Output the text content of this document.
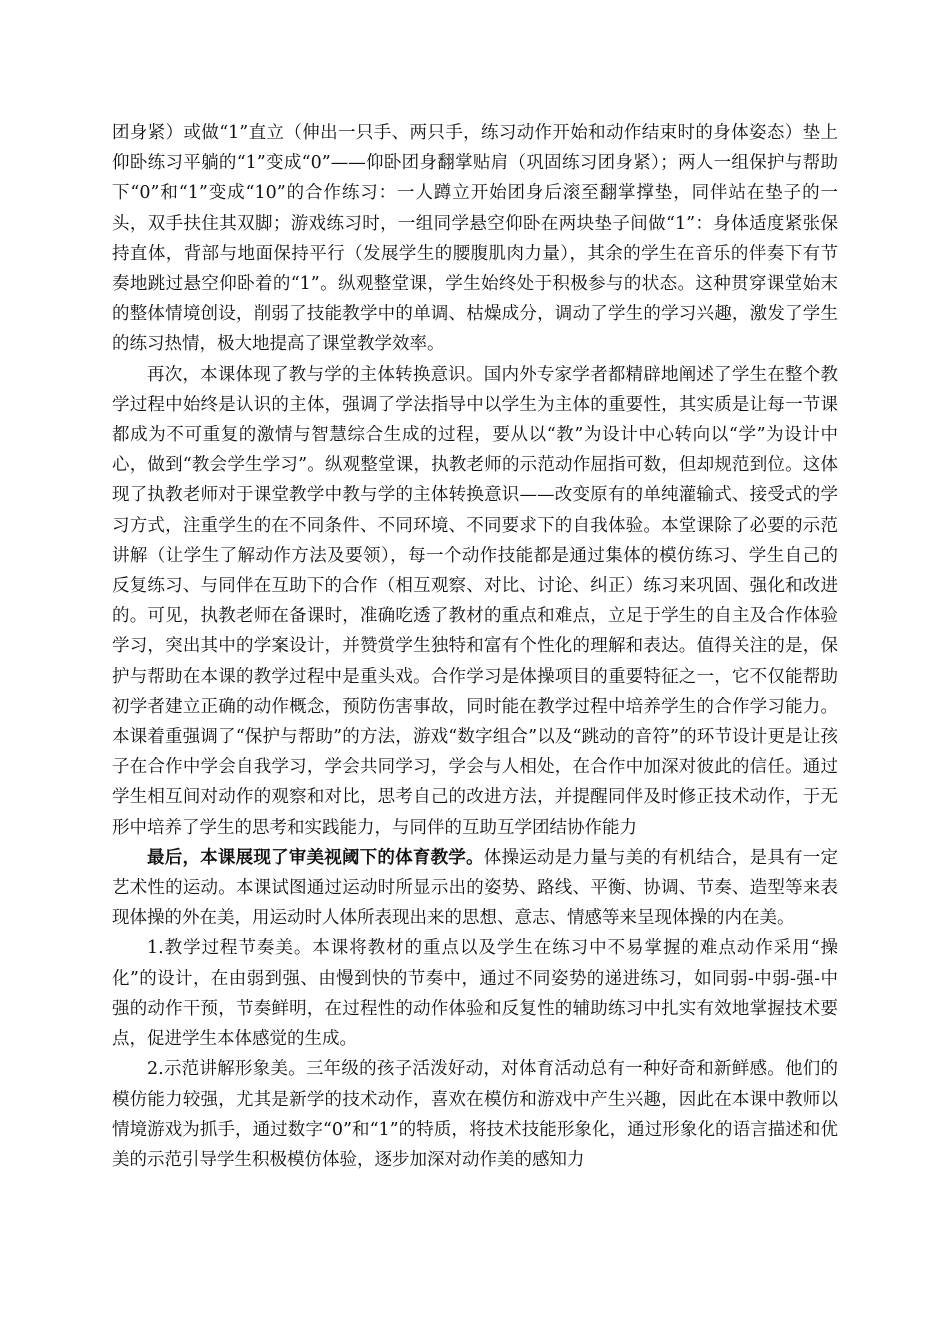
团身紧）或做“1”直立（伸出一只手、两只手，练习动作开始和动作结束时的身体姿态）垫上仰卧练习平躺的“1”变成“0”——仰卧团身翻掌贴肩（巩固练习团身紧）；两人一组保护与帮助下“0”和“1”变成“10”的合作练习：一人蹲立开始团身后滚至翻掌撑垫，同伴站在垫子的一头，双手扶住其双脚；游戏练习时，一组同学悬空仰卧在两块垫子间做“1”：身体适度紧张保持直体，背部与地面保持平行（发展学生的腰腹肌肉力量），其余的学生在音乐的伴奏下有节奏地跳过悬空仰卧着的“1”。纵观整堂课，学生始终处于积极参与的状态。这种贯穿课堂始末的整体情境创设，削弱了技能教学中的单调、枯燥成分，调动了学生的学习兴趣，激发了学生的练习热情，极大地提高了课堂教学效率。

再次，本课体现了教与学的主体转换意识。国内外专家学者都精辟地阐述了学生在整个教学过程中始终是认识的主体，强调了学法指导中以学生为主体的重要性，其实质是让每一节课都成为不可重复的激情与智慧综合生成的过程，要从以“教”为设计中心转向以“学”为设计中心，做到“教会学生学习”。纵观整堂课，执教老师的示范动作屈指可数，但却规范到位。这体现了执教老师对于课堂教学中教与学的主体转换意识——改变原有的单纯灌输式、接受式的学习方式，注重学生的在不同条件、不同环境、不同要求下的自我体验。本堂课除了必要的示范讲解（让学生了解动作方法及要领），每一个动作技能都是通过集体的模仿练习、学生自己的反复练习、与同伴在互助下的合作（相互观察、对比、讨论、纠正）练习来巩固、强化和改进的。可见，执教老师在备课时，准确吃透了教材的重点和难点，立足于学生的自主及合作体验学习，突出其中的学案设计，并赞赏学生独特和富有个性化的理解和表达。值得关注的是，保护与帮助在本课的教学过程中是重头戏。合作学习是体操项目的重要特征之一，它不仅能帮助初学者建立正确的动作概念，预防伤害事故，同时能在教学过程中培养学生的合作学习能力。本课着重强调了“保护与帮助”的方法，游戏“数字组合”以及“跳动的音符”的环节设计更是让孩子在合作中学会自我学习，学会共同学习，学会与人相处，在合作中加深对彼此的信任。通过学生相互间对动作的观察和对比，思考自己的改进方法，并提醒同伴及时修正技术动作，于无形中培养了学生的思考和实践能力，与同伴的互助互学团结协作能力

最后，本课展现了审美视阈下的体育教学。体操运动是力量与美的有机结合，是具有一定艺术性的运动。本课试图通过运动时所显示出的姿势、路线、平衡、协调、节奏、造型等来表现体操的外在美，用运动时人体所表现出来的思想、意志、情感等来呈现体操的内在美。

1.教学过程节奏美。本课将教材的重点以及学生在练习中不易掌握的难点动作采用“操化”的设计，在由弱到强、由慢到快的节奏中，通过不同姿势的递进练习，如同弱-中弱-强-中强的动作干预，节奏鲜明，在过程性的动作体验和反复性的辅助练习中扎实有效地掌握技术要点，促进学生本体感觉的生成。

2.示范讲解形象美。三年级的孩子活泼好动，对体育活动总有一种好奇和新鲜感。他们的模仿能力较强，尤其是新学的技术动作，喜欢在模仿和游戏中产生兴趣，因此在本课中教师以情境游戏为抓手，通过数字“0”和“1”的特质，将技术技能形象化，通过形象化的语言描述和优美的示范引导学生积极模仿体验，逐步加深对动作美的感知力
